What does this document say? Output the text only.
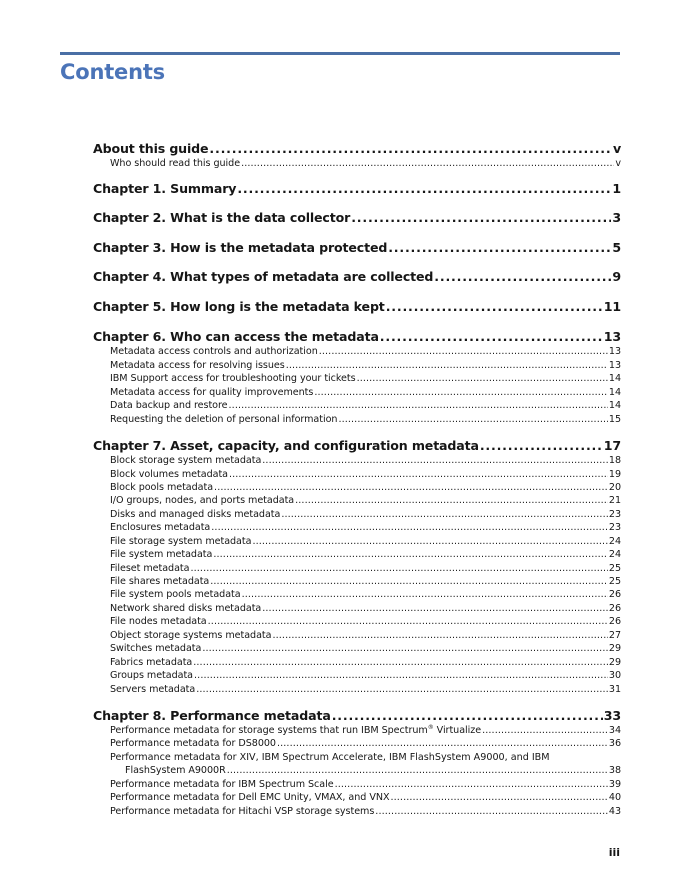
Contents
About this guide .....	v
Who should read this guide .....	v
Chapter 1. Summary .....	1
Chapter 2. What is the data collector .....	3
Chapter 3. How is the metadata protected .....	5
Chapter 4. What types of metadata are collected .....	9
Chapter 5. How long is the metadata kept .....	11
Chapter 6. Who can access the metadata .....	13
Metadata access controls and authorization .....	13
Metadata access for resolving issues .....	13
IBM Support access for troubleshooting your tickets .....	14
Metadata access for quality improvements .....	14
Data backup and restore .....	14
Requesting the deletion of personal information .....	15
Chapter 7. Asset, capacity, and configuration metadata .....	17
Block storage system metadata .....	18
Block volumes metadata .....	19
Block pools metadata .....	20
I/O groups, nodes, and ports metadata .....	21
Disks and managed disks metadata .....	23
Enclosures metadata .....	23
File storage system metadata .....	24
File system metadata .....	24
Fileset metadata .....	25
File shares metadata .....	25
File system pools metadata .....	26
Network shared disks metadata .....	26
File nodes metadata .....	26
Object storage systems metadata .....	27
Switches metadata .....	29
Fabrics metadata .....	29
Groups metadata .....	30
Servers metadata .....	31
Chapter 8. Performance metadata .....	33
Performance metadata for storage systems that run IBM Spectrum® Virtualize .....	34
Performance metadata for DS8000 .....	36
Performance metadata for XIV, IBM Spectrum Accelerate, IBM FlashSystem A9000, and IBM
FlashSystem A9000R .....	38
Performance metadata for IBM Spectrum Scale .....	39
Performance metadata for Dell EMC Unity, VMAX, and VNX .....	40
Performance metadata for Hitachi VSP storage systems .....	43
iii
